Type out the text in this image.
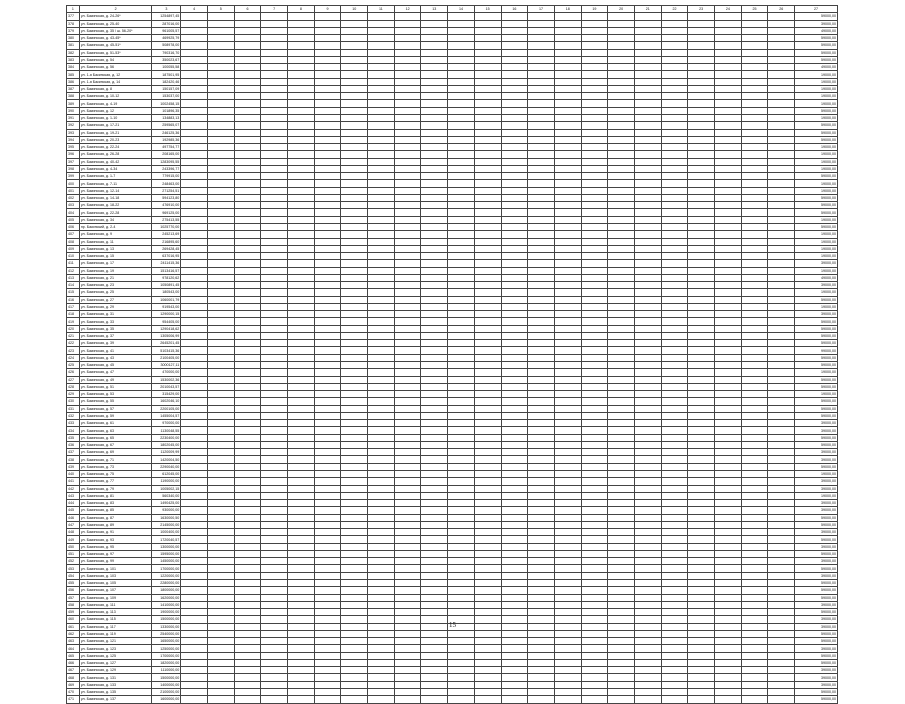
1	2	3	4	5	6	7	8	9	10	11	12	13	14	15	16	17	18	19	20	21	22	23	24	25	26	27
377	ул. Бакинская, д. 24-26*	1254897,45																								59000,00
378	ул. Бакинская, д. 25-40	287016,00																								39000,00
379	ул. Бакинская, д. 35 / ш. 56-20*	961005,57																								49000,00
380	ул. Бакинская, д. 43-45*	469925,79																								59000,00
381	ул. Бакинская, д. 45-51*	508978,00																								59000,00
382	ул. Бакинская, д. 51-53*	790316,70																								59000,00
383	ул. Бакинская, д. 54	350023,67																								59000,00
384	ул. Бакинская, д. 56	100055,58																								49000,00
385	ул. 1-я Бакинская, д. 12	187501,95																								19000,00
386	ул. 1-я Бакинская, д. 14	182420,46																								19000,00
387	ул. Бакинская, д. 8	150157,09																								19000,00
388	ул. Бакинская, д. 10-12	153037,00																								19000,00
389	ул. Бакинская, д. 4-19	1002458,15																								19000,00
390	ул. Бакинская, д. 12	101896,35																								59000,00
391	ул. Бакинская, д. 1-10	134883,13																								19000,00
392	ул. Бакинская, д. 17-21	259565,07																								59000,00
393	ул. Бакинская, д. 19-21	246125,36																								59000,00
394	ул. Бакинская, д. 20-23	192985,36																								59000,00
395	ул. Бакинская, д. 22-24	497754,77																								19000,00
396	ул. Бакинская, д. 26-28	208165,00																								19000,00
397	ул. Бакинская, д. 40-42	1283095,55																								19000,00
398	ул. Бакинская, д. 4-34	243396,77																								19000,00
399	ул. Бакинская, д. 1-7	779915,00																								59000,00
400	ул. Бакинская, д. 7-11	248463,00																								19000,00
401	ул. Бакинская, д. 12-14	271254,51																								19000,00
402	ул. Бакинская, д. 14-18	594123,80																								59000,00
403	ул. Бакинская, д. 18-22	476910,00																								59000,00
404	ул. Бакинская, д. 22-28	969125,00																								59000,00
405	ул. Бакинская, д. 34	275413,55																								19000,00
406	пр. Бакинский, д. 2-4	1025770,00																								59000,00
407	ул. Бакинская, д. 9	245213,69																								19000,00
408	ул. Бакинская, д. 11	216895,60																								19000,00
409	ул. Бакинская, д. 13	269428,45																								19000,00
410	ул. Бакинская, д. 15	637016,95																								19000,00
411	ул. Бакинская, д. 17	2411415,36																								39000,00
412	ул. Бакинская, д. 19	1513416,57																								19000,00
413	ул. Бакинская, д. 21	978120,62																								49000,00
414	ул. Бакинская, д. 23	1050891,45																								39000,00
415	ул. Бакинская, д. 25	180543,00																								19000,00
416	ул. Бакинская, д. 27	1060001,79																								59000,00
417	ул. Бакинская, д. 29	919543,00																								19000,00
418	ул. Бакинская, д. 31	1290000,15																								39000,00
419	ул. Бакинская, д. 33	954405,00																								59000,00
420	ул. Бакинская, д. 35	1290418,62																								59000,00
421	ул. Бакинская, д. 37	1305006,99																								59000,00
422	ул. Бакинская, д. 39	2645201,45																								59000,00
423	ул. Бакинская, д. 41	5103415,36																								99000,00
424	ул. Бакинская, д. 43	2100405,00																								59000,00
425	ул. Бакинская, д. 45	3000127,11																								59000,00
426	ул. Бакинская, д. 47	470000,00																								19000,00
427	ул. Бакинская, д. 49	1530002,36																								59000,00
428	ул. Бакинская, д. 51	2010043,57																								59000,00
429	ул. Бакинская, д. 53	315429,00																								19000,00
430	ул. Бакинская, д. 55	1602046,10																								59000,00
431	ул. Бакинская, д. 57	2200105,00																								59000,00
432	ул. Бакинская, д. 59	1455004,57																								59000,00
433	ул. Бакинская, д. 61	970000,00																								39000,00
434	ул. Бакинская, д. 63	1130048,55																								39000,00
435	ул. Бакинская, д. 65	2230400,00																								59000,00
436	ул. Бакинская, д. 67	1802045,00																								59000,00
437	ул. Бакинская, д. 69	1120009,99																								39000,00
438	ул. Бакинская, д. 71	1420004,50																								39000,00
439	ул. Бакинская, д. 73	2290040,00																								59000,00
440	ул. Бакинская, д. 75	612045,00																								19000,00
441	ул. Бакинская, д. 77	1190000,00																								39000,00
442	ул. Бакинская, д. 79	1005002,15																								39000,00
443	ул. Бакинская, д. 81	560340,00																								19000,00
444	ул. Бакинская, д. 83	1490425,00																								39000,00
445	ул. Бакинская, д. 85	930000,00																								39000,00
446	ул. Бакинская, д. 87	1630000,50																								59000,00
447	ул. Бакинская, д. 89	2145000,00																								59000,00
448	ул. Бакинская, д. 91	1000400,00																								39000,00
449	ул. Бакинская, д. 93	1720040,57																								59000,00
450	ул. Бакинская, д. 95	1300000,00																								39000,00
451	ул. Бакинская, д. 97	1595000,00																								59000,00
452	ул. Бакинская, д. 99	1450000,00																								39000,00
453	ул. Бакинская, д. 101	1700000,00																								59000,00
454	ул. Бакинская, д. 103	1220000,00																								39000,00
455	ул. Бакинская, д. 105	2280000,00																								59000,00
456	ул. Бакинская, д. 107	1800000,00																								59000,00
457	ул. Бакинская, д. 109	1620000,00																								59000,00
458	ул. Бакинская, д. 111	1410000,00																								39000,00
459	ул. Бакинская, д. 113	1900000,00																								59000,00
460	ул. Бакинская, д. 115	1500000,00																								39000,00
461	ул. Бакинская, д. 117	1330000,00																								39000,00
462	ул. Бакинская, д. 119	2540000,00																								59000,00
463	ул. Бакинская, д. 121	1650000,00																								59000,00
464	ул. Бакинская, д. 123	1250000,00																								39000,00
465	ул. Бакинская, д. 125	1700000,00																								59000,00
466	ул. Бакинская, д. 127	1820000,00																								59000,00
467	ул. Бакинская, д. 129	1110000,00																								39000,00
468	ул. Бакинская, д. 131	1500000,00																								39000,00
469	ул. Бакинская, д. 133	1400000,00																								39000,00
470	ул. Бакинская, д. 135	2100000,00																								59000,00
471	ул. Бакинская, д. 137	1600000,00																								59000,00
15
